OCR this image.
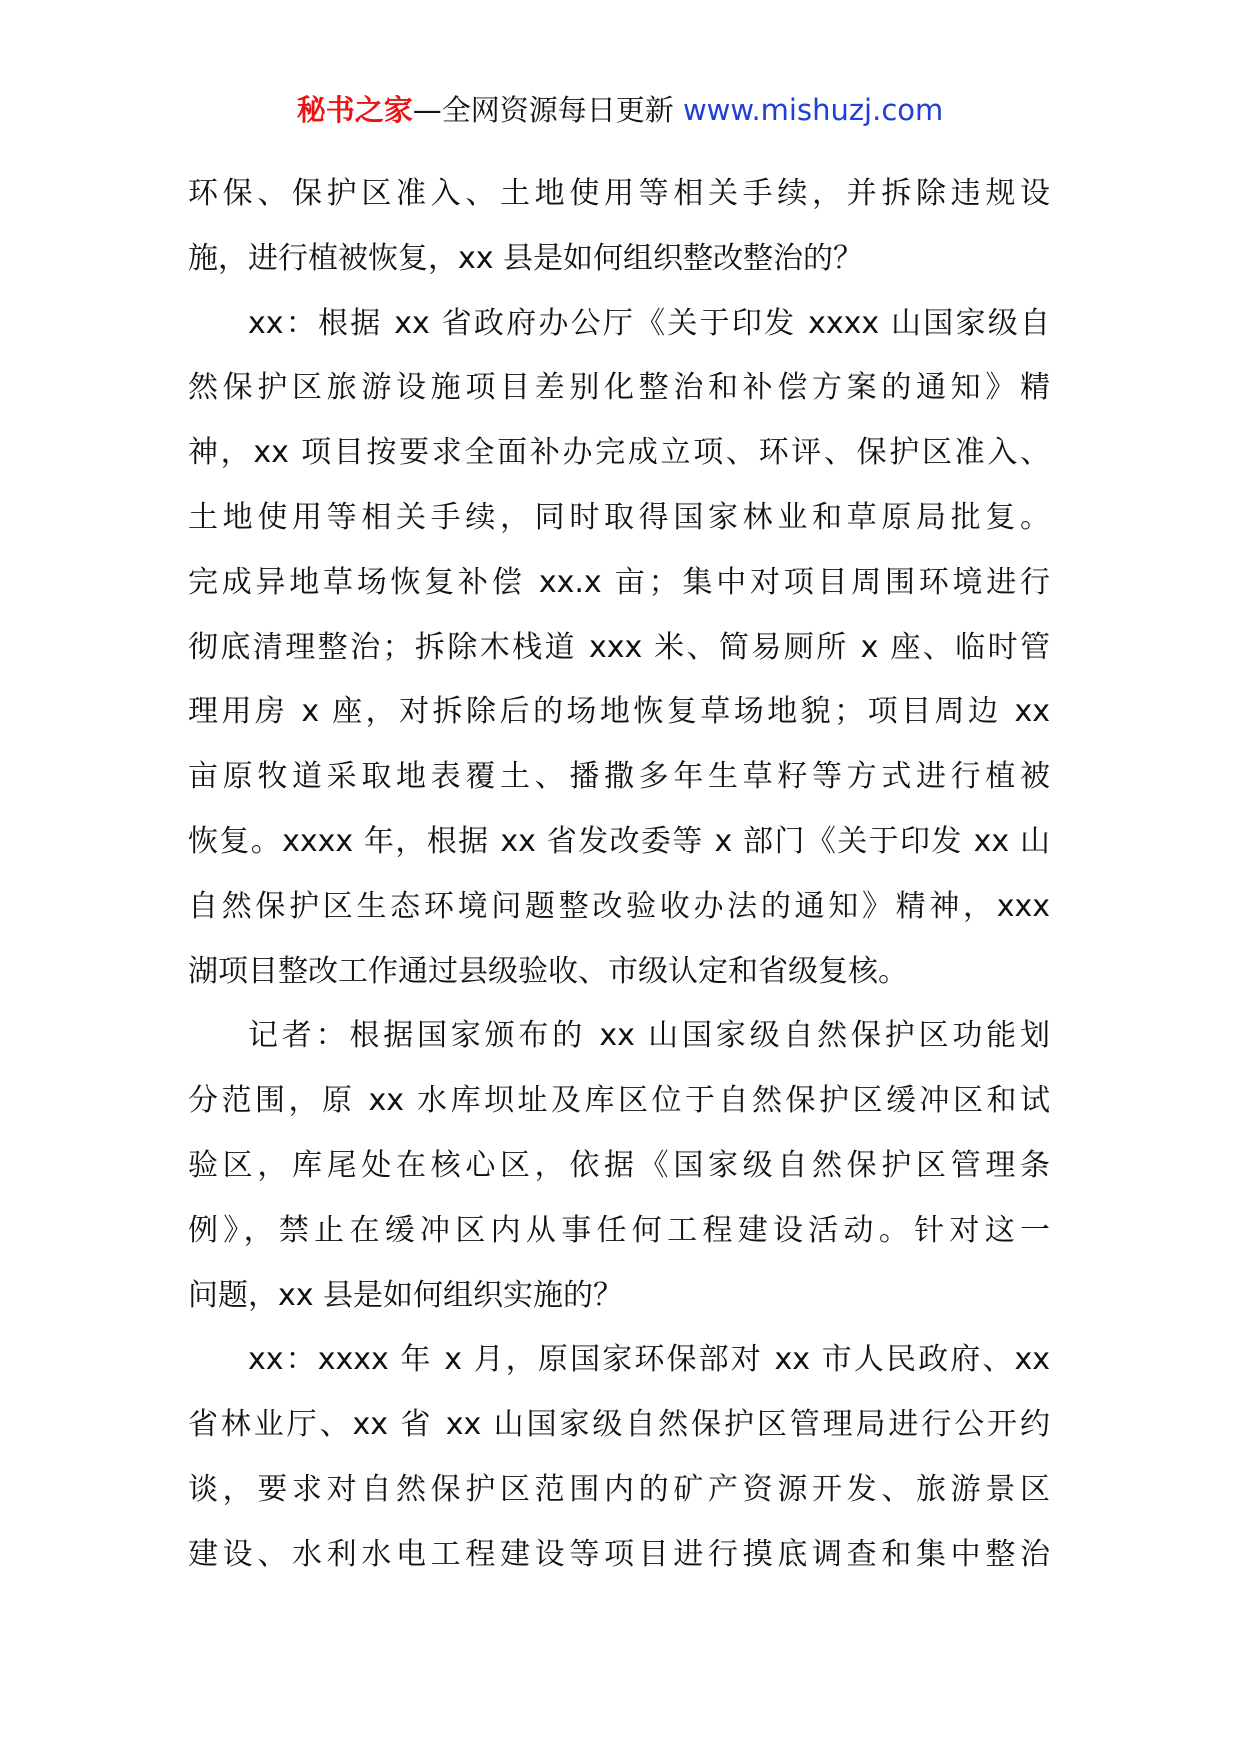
秘书之家—全网资源每日更新 www.mishuzj.com
环保、保护区准入、土地使用等相关手续，并拆除违规设
施，进行植被恢复，xx 县是如何组织整改整治的？
xx：根据 xx 省政府办公厅《关于印发 xxxx 山国家级自
然保护区旅游设施项目差别化整治和补偿方案的通知》精
神，xx 项目按要求全面补办完成立项、环评、保护区准入、
土地使用等相关手续，同时取得国家林业和草原局批复。
完成异地草场恢复补偿 xx.x 亩；集中对项目周围环境进行
彻底清理整治；拆除木栈道 xxx 米、简易厕所 x 座、临时管
理用房 x 座，对拆除后的场地恢复草场地貌；项目周边 xx
亩原牧道采取地表覆土、播撒多年生草籽等方式进行植被
恢复。xxxx 年，根据 xx 省发改委等 x 部门《关于印发 xx 山
自然保护区生态环境问题整改验收办法的通知》精神，xxx
湖项目整改工作通过县级验收、市级认定和省级复核。
记者：根据国家颁布的 xx 山国家级自然保护区功能划
分范围，原 xx 水库坝址及库区位于自然保护区缓冲区和试
验区，库尾处在核心区，依据《国家级自然保护区管理条
例》，禁止在缓冲区内从事任何工程建设活动。针对这一
问题，xx 县是如何组织实施的？
xx：xxxx 年 x 月，原国家环保部对 xx 市人民政府、xx
省林业厅、xx 省 xx 山国家级自然保护区管理局进行公开约
谈，要求对自然保护区范围内的矿产资源开发、旅游景区
建设、水利水电工程建设等项目进行摸底调查和集中整治
